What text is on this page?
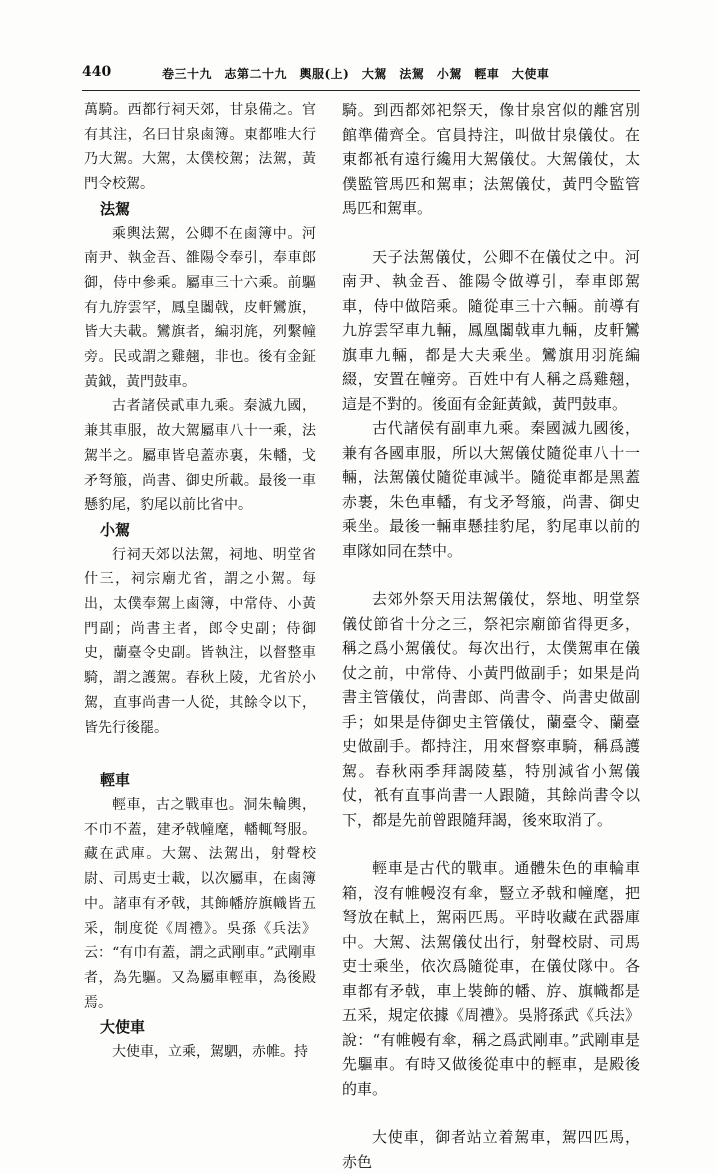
440	卷三十九　志第二十九　輿服(上)　大駕　法駕　小駕　輕車　大使車

萬騎。西都行祠天郊，甘泉備之。官有其注，名曰甘泉鹵簿。東都唯大行乃大駕。大駕，太僕校駕；法駕，黃門令校駕。

法駕

乘輿法駕，公卿不在鹵簿中。河南尹、執金吾、雒陽令奉引，奉車郎御，侍中參乘。屬車三十六乘。前驅有九斿雲罕，鳳皇闟戟，皮軒鸞旗，皆大夫載。鸞旗者，編羽旄，列繫幢旁。民或謂之雞翹，非也。後有金鉦黃鉞，黃門鼓車。

古者諸侯貳車九乘。秦滅九國，兼其車服，故大駕屬車八十一乘，法駕半之。屬車皆皂蓋赤裏，朱轓，戈矛弩箙，尚書、御史所載。最後一車懸豹尾，豹尾以前比省中。

小駕

行祠天郊以法駕，祠地、明堂省什三，祠宗廟尤省，謂之小駕。每出，太僕奉駕上鹵簿，中常侍、小黃門副；尚書主者，郎令史副；侍御史，蘭臺令史副。皆執注，以督整車騎，謂之護駕。春秋上陵，尤省於小駕，直事尚書一人從，其餘令以下，皆先行後罷。

輕車

輕車，古之戰車也。洞朱輪輿，不巾不蓋，建矛戟幢麾，轓輒弩服。藏在武庫。大駕、法駕出，射聲校尉、司馬吏士載，以次屬車，在鹵簿中。諸車有矛戟，其飾幡斿旗幟皆五采，制度從《周禮》。吳孫《兵法》云：“有巾有蓋，謂之武剛車。”武剛車者，為先驅。又為屬車輕車，為後殿焉。

大使車

大使車，立乘，駕駟，赤帷。持

騎。到西都郊祀祭天，像甘泉宮似的離宮別館準備齊全。官員持注，叫做甘泉儀仗。在東都衹有遠行纔用大駕儀仗。大駕儀仗，太僕監管馬匹和駕車；法駕儀仗，黃門令監管馬匹和駕車。

天子法駕儀仗，公卿不在儀仗之中。河南尹、執金吾、雒陽令做導引，奉車郎駕車，侍中做陪乘。隨從車三十六輛。前導有九斿雲罕車九輛，鳳凰闟戟車九輛，皮軒鸞旗車九輛，都是大夫乘坐。鸞旗用羽旄編綴，安置在幢旁。百姓中有人稱之爲雞翹，這是不對的。後面有金鉦黃鉞，黃門鼓車。

古代諸侯有副車九乘。秦國滅九國後，兼有各國車服，所以大駕儀仗隨從車八十一輛，法駕儀仗隨從車減半。隨從車都是黑蓋赤裹，朱色車轓，有戈矛弩箙，尚書、御史乘坐。最後一輛車懸挂豹尾，豹尾車以前的車隊如同在禁中。

去郊外祭天用法駕儀仗，祭地、明堂祭儀仗節省十分之三，祭祀宗廟節省得更多，稱之爲小駕儀仗。每次出行，太僕駕車在儀仗之前，中常侍、小黃門做副手；如果是尚書主管儀仗，尚書郎、尚書令、尚書史做副手；如果是侍御史主管儀仗，蘭臺令、蘭臺史做副手。都持注，用來督察車騎，稱爲護駕。春秋兩季拜謁陵墓，特別減省小駕儀仗，衹有直事尚書一人跟隨，其餘尚書令以下，都是先前曾跟隨拜謁，後來取消了。

輕車是古代的戰車。通體朱色的車輪車箱，沒有帷幔沒有傘，豎立矛戟和幢麾，把弩放在軾上，駕兩匹馬。平時收藏在武器庫中。大駕、法駕儀仗出行，射聲校尉、司馬吏士乘坐，依次爲隨從車，在儀仗隊中。各車都有矛戟，車上裝飾的幡、斿、旗幟都是五采，規定依據《周禮》。吳將孫武《兵法》說：“有帷幔有傘，稱之爲武剛車。”武剛車是先驅車。有時又做後從車中的輕車，是殿後的車。

大使車，御者站立着駕車，駕四匹馬，赤色
